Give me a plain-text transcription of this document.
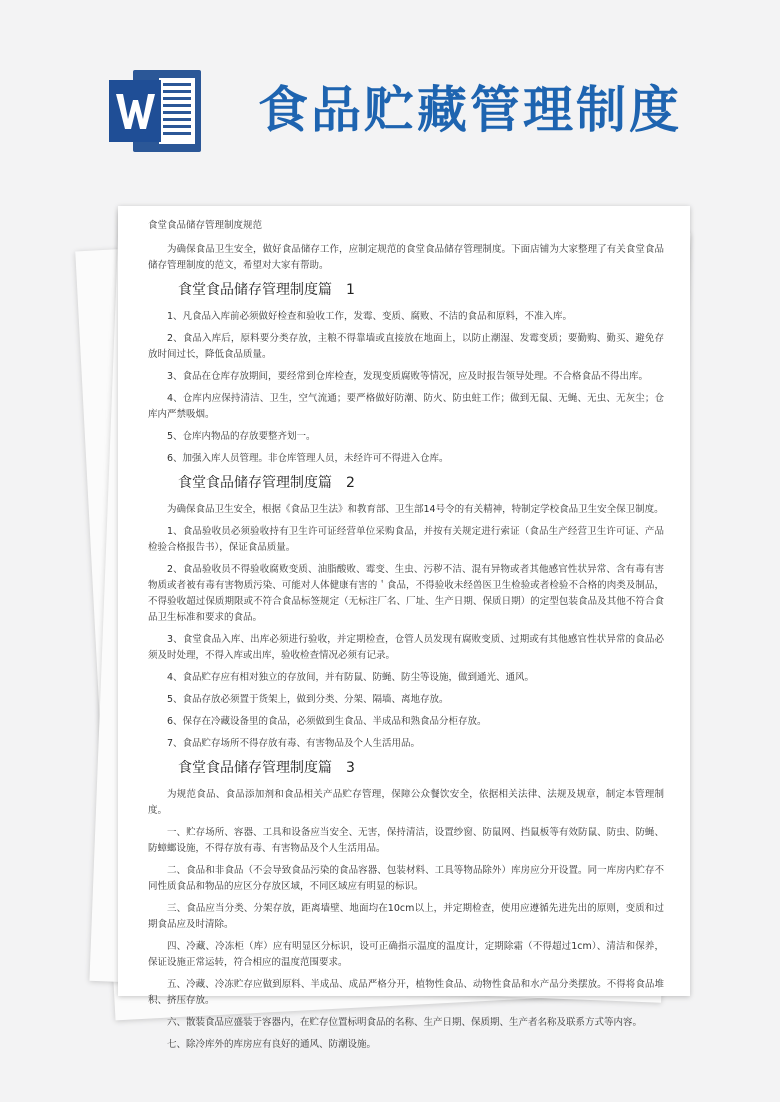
食品贮藏管理制度
食堂食品储存管理制度规范

为确保食品卫生安全，做好食品储存工作，应制定规范的食堂食品储存管理制度。下面店铺为大家整理了有关食堂食品储存管理制度的范文，希望对大家有帮助。

食堂食品储存管理制度篇 1

1、凡食品入库前必须做好检查和验收工作，发霉、变质、腐败、不洁的食品和原料，不准入库。

2、食品入库后，原料要分类存放，主粮不得靠墙或直接放在地面上，以防止潮湿、发霉变质；要勤购、勤买、避免存放时间过长，降低食品质量。

3、食品在仓库存放期间，要经常到仓库检查，发现变质腐败等情况，应及时报告领导处理。不合格食品不得出库。

4、仓库内应保持清洁、卫生，空气流通；要严格做好防潮、防火、防虫蛀工作；做到无鼠、无蝇、无虫、无灰尘；仓库内严禁吸烟。

5、仓库内物品的存放要整齐划一。

6、加强入库人员管理。非仓库管理人员，未经许可不得进入仓库。

食堂食品储存管理制度篇 2

为确保食品卫生安全，根据《食品卫生法》和教育部、卫生部14号令的有关精神，特制定学校食品卫生安全保卫制度。

1、食品验收员必须验收持有卫生许可证经营单位采购食品，并按有关规定进行索证（食品生产经营卫生许可证、产品检验合格报告书），保证食品质量。

2、食品验收员不得验收腐败变质、油脂酸败、霉变、生虫、污秽不洁、混有异物或者其他感官性状异常、含有毒有害物质或者被有毒有害物质污染、可能对人体健康有害的＇食品，不得验收未经兽医卫生检验或者检验不合格的肉类及制品，不得验收超过保质期限或不符合食品标签规定（无标注厂名、厂址、生产日期、保质日期）的定型包装食品及其他不符合食品卫生标准和要求的食品。

3、食堂食品入库、出库必须进行验收，并定期检查，仓管人员发现有腐败变质、过期或有其他感官性状异常的食品必须及时处理，不得入库或出库，验收检查情况必须有记录。

4、食品贮存应有相对独立的存放间，并有防鼠、防蝇、防尘等设施，做到通光、通风。

5、食品存放必须置于货架上，做到分类、分架、隔墙、离地存放。

6、保存在冷藏设备里的食品，必须做到生食品、半成品和熟食品分柜存放。

7、食品贮存场所不得存放有毒、有害物品及个人生活用品。

食堂食品储存管理制度篇 3

为规范食品、食品添加剂和食品相关产品贮存管理，保障公众餐饮安全，依据相关法律、法规及规章，制定本管理制度。

一、贮存场所、容器、工具和设备应当安全、无害，保持清洁，设置纱窗、防鼠网、挡鼠板等有效防鼠、防虫、防蝇、防蟑螂设施，不得存放有毒、有害物品及个人生活用品。

二、食品和非食品（不会导致食品污染的食品容器、包装材料、工具等物品除外）库房应分开设置。同一库房内贮存不同性质食品和物品的应区分存放区域，不同区域应有明显的标识。

三、食品应当分类、分架存放，距离墙壁、地面均在10cm以上，并定期检查，使用应遵循先进先出的原则，变质和过期食品应及时清除。

四、冷藏、冷冻柜（库）应有明显区分标识，设可正确指示温度的温度计，定期除霜（不得超过1cm）、清洁和保养，保证设施正常运转，符合相应的温度范围要求。

五、冷藏、冷冻贮存应做到原料、半成品、成品严格分开，植物性食品、动物性食品和水产品分类摆放。不得将食品堆积、挤压存放。

六、散装食品应盛装于容器内，在贮存位置标明食品的名称、生产日期、保质期、生产者名称及联系方式等内容。

七、除冷库外的库房应有良好的通风、防潮设施。
